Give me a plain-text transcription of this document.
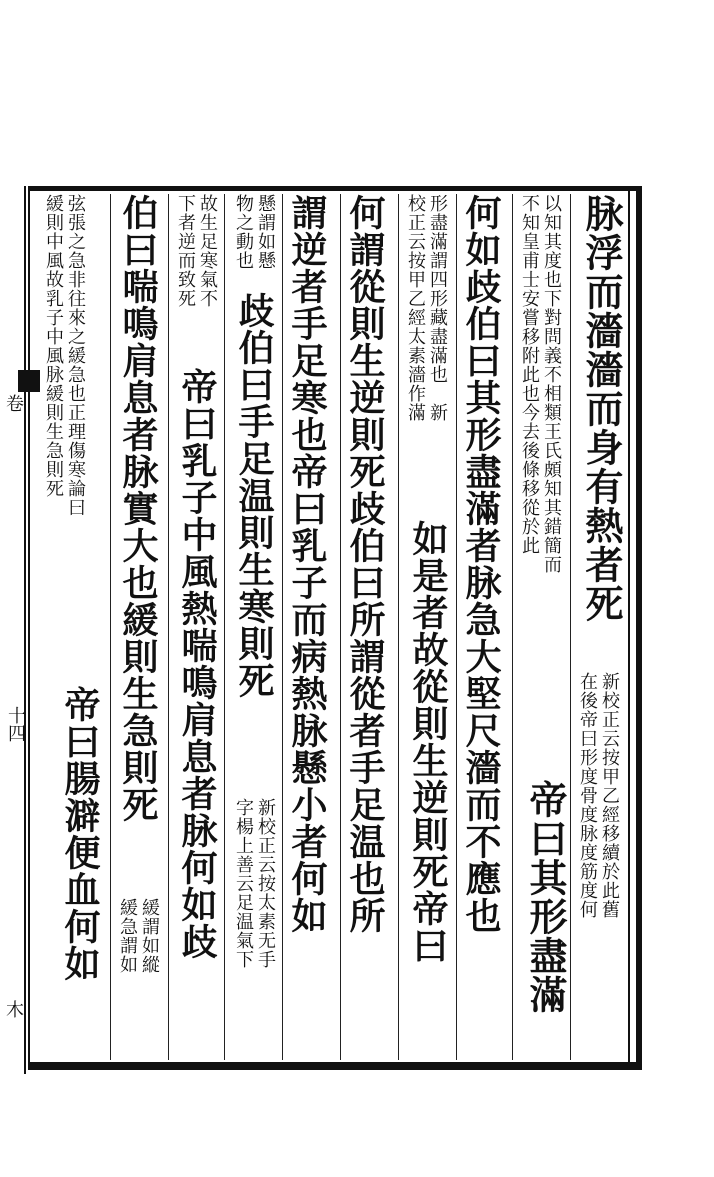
卷
十四
木
脉浮而濇濇而身有熱者死
新校正云按甲乙經移續於此舊
在後帝曰形度骨度脉度筋度何
以知其度也下對問義不相類王氏頗知其錯簡而
不知皇甫士安嘗移附此也今去後條移從於此
帝曰其形盡滿
何如歧伯曰其形盡滿者脉急大堅尺濇而不應也
形盡滿謂四形藏盡滿也　新
校正云按甲乙經太素濇作滿
如是者故從則生逆則死帝曰
何謂從則生逆則死歧伯曰所謂從者手足温也所
謂逆者手足寒也帝曰乳子而病熱脉懸小者何如
懸謂如懸
物之動也
歧伯曰手足温則生寒則死
新校正云按太素无手
字楊上善云足温氣下
故生足寒氣不
下者逆而致死
帝曰乳子中風熱喘鳴肩息者脉何如歧
伯曰喘鳴肩息者脉實大也緩則生急則死
緩謂如縱
緩急謂如
弦張之急非往來之緩急也正理傷寒論曰
緩則中風故乳子中風脉緩則生急則死
帝曰腸澼便血何如
